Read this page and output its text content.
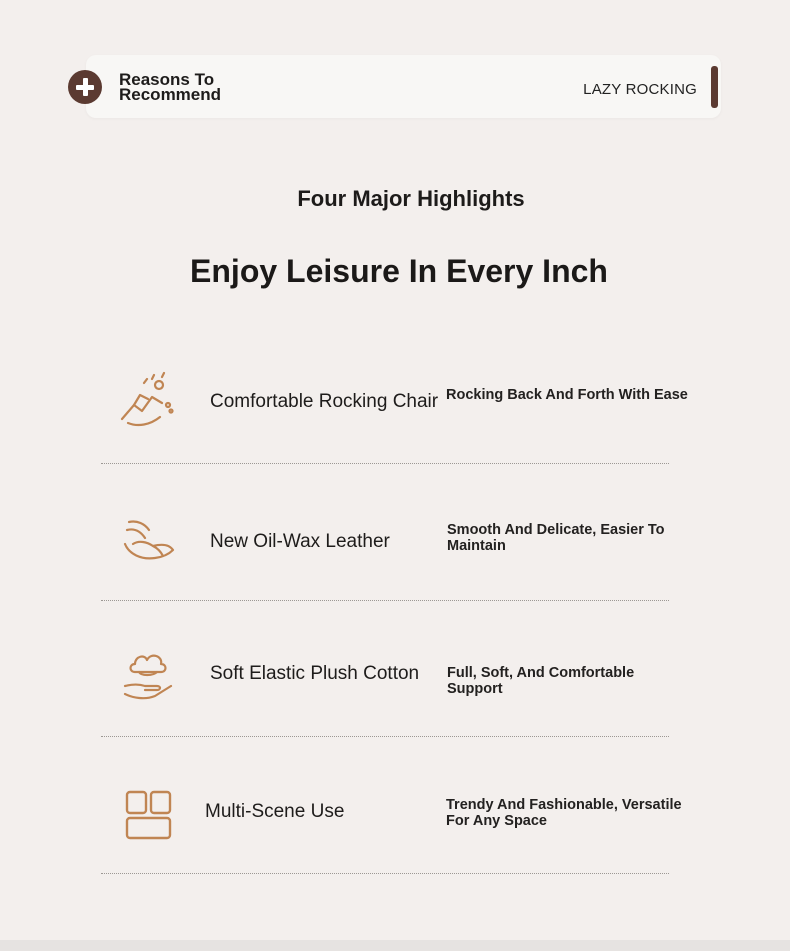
Reasons To Recommend	LAZY ROCKING
Four Major Highlights
Enjoy Leisure In Every Inch
Comfortable Rocking Chair Rocking Back And Forth With Ease
New Oil-Wax Leather
Smooth And Delicate, Easier To Maintain
Soft Elastic Plush Cotton Full, Soft, And Comfortable Support
Multi-Scene Use	Trendy And Fashionable, Versatile For Any Space
